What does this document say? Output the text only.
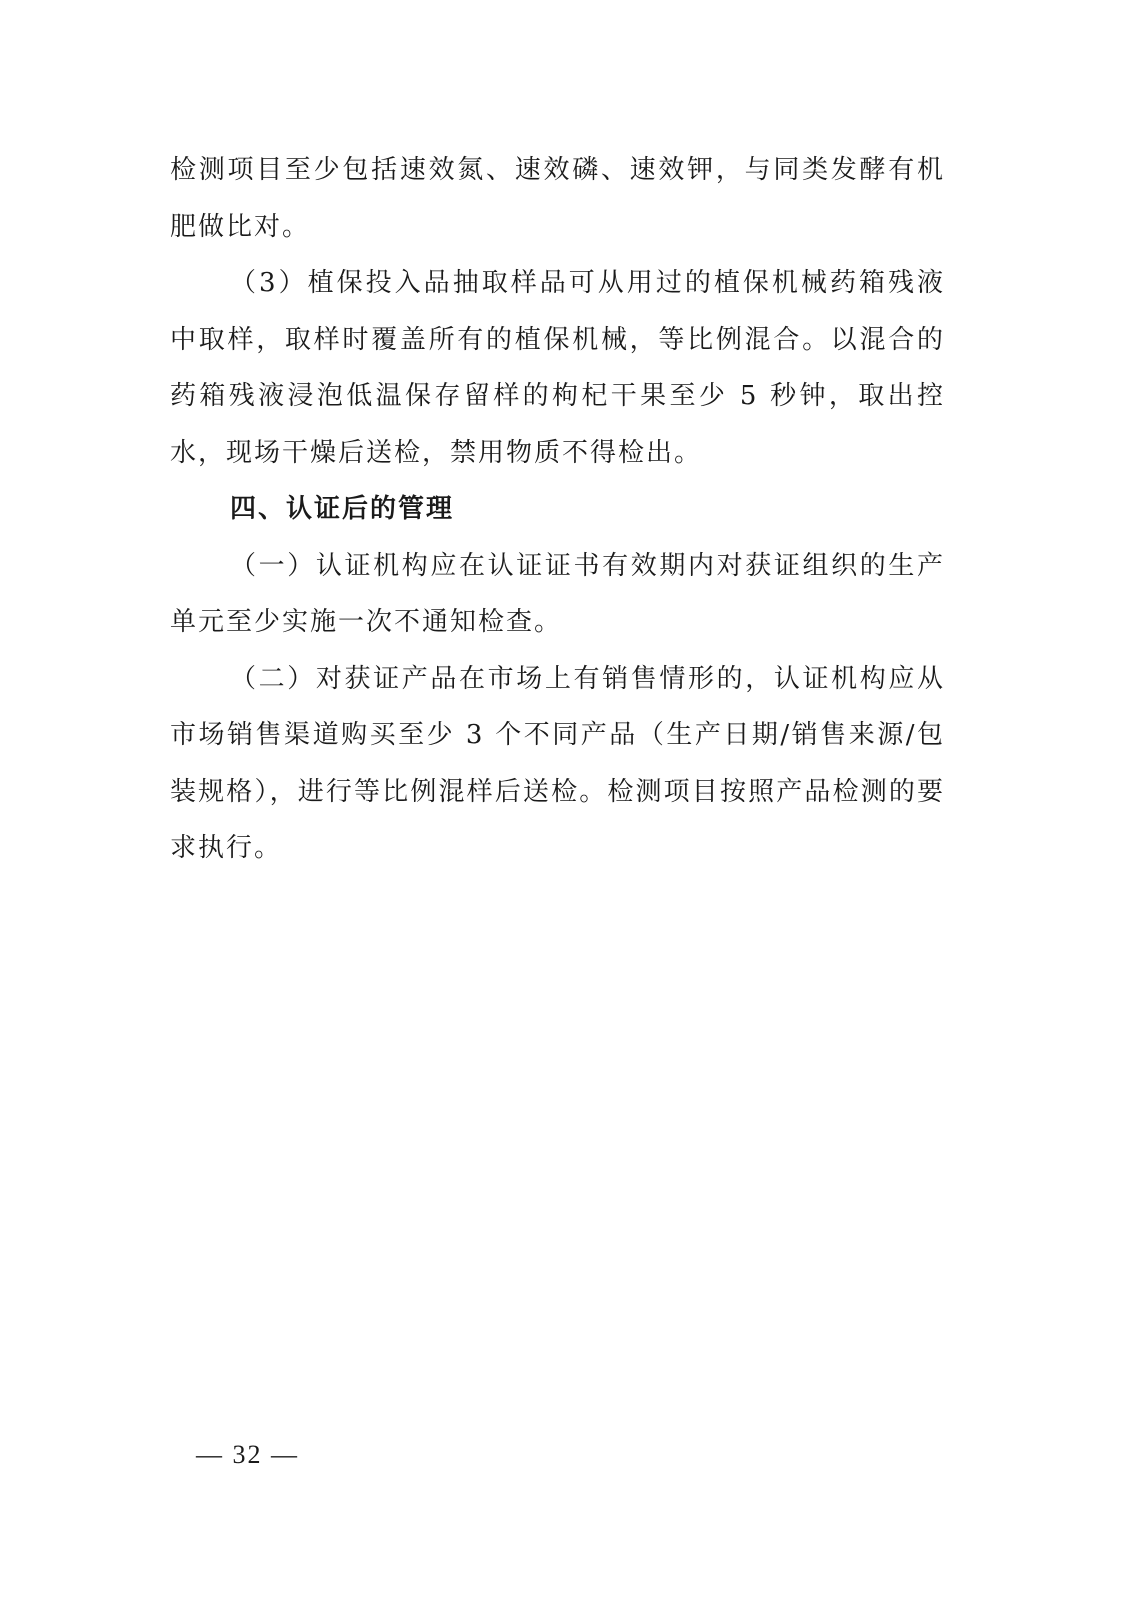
检测项目至少包括速效氮、速效磷、速效钾，与同类发酵有机肥做比对。

（3）植保投入品抽取样品可从用过的植保机械药箱残液中取样，取样时覆盖所有的植保机械，等比例混合。以混合的药箱残液浸泡低温保存留样的枸杞干果至少 5 秒钟，取出控水，现场干燥后送检，禁用物质不得检出。

四、认证后的管理

（一）认证机构应在认证证书有效期内对获证组织的生产单元至少实施一次不通知检查。

（二）对获证产品在市场上有销售情形的，认证机构应从市场销售渠道购买至少 3 个不同产品（生产日期/销售来源/包装规格），进行等比例混样后送检。检测项目按照产品检测的要求执行。

— 32 —
